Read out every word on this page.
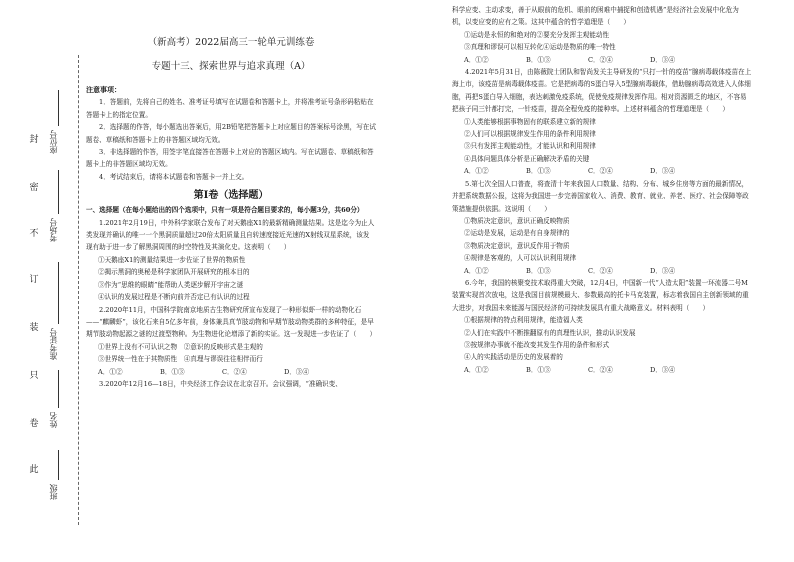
封
密
不
订
装
只
卷
此
座位号
考场号
准考证号
姓名
班级
（新高考）2022届高三一轮单元训练卷
专题十三、探索世界与追求真理（A）
注意事项：

1．答题前，先将自己的姓名、准考证号填写在试题卷和答题卡上，并将准考证号条形码粘贴在答题卡上的指定位置。

2．选择题的作答，每小题选出答案后，用2B铅笔把答题卡上对应题目的答案标号涂黑，写在试题卷、草稿纸和答题卡上的非答题区域均无效。

3．非选择题的作答，用签字笔直接答在答题卡上对应的答题区域内。写在试题卷、草稿纸和答题卡上的非答题区域均无效。

4．考试结束后，请将本试题卷和答题卡一并上交。

第Ⅰ卷（选择题）

一、选择题（在每小题给出的四个选项中，只有一项是符合题目要求的，每小题3分，共60分）

1.2021年2月19日，中外科学家联合发布了对天鹅座X1的最新精确测量结果。这是迄今为止人类发现并确认的唯一一个黑洞质量超过20倍太阳质量且自转速度接近光速的X射线双星系统，该发现有助于进一步了解黑洞周围的时空特性及其演化史。这表明（　　）

①天鹅座X1的测量结果进一步佐证了世界的物质性

②揭示黑洞的奥秘是科学家团队开展研究的根本目的

③作为“思维的眼睛”能帮助人类逐步解开宇宙之谜

④认识的发展过程是不断向前并否定已有认识的过程

2.2020年11月，中国科学院南京地质古生物研究所宣布发现了一种形似虾一样的动物化石——“麒麟虾”，该化石来自5亿多年前，身体兼具真节肢动物和早期节肢动物类群的多种特征，是早期节肢动物起源之谜的过渡型物种。为生物进化论增添了新的实证。这一发现进一步佐证了（　　）

①世界上没有不可认识之物　②意识的反映形式是主观的

③世界统一性在于其物质性　④真理与谬误往往相伴而行

A．①②	B．①③	C．②④	D．③④

3.2020年12月16—18日，中央经济工作会议在北京召开。会议强调，“准确识变、

科学应变、主动求变，善于从眼前的危机、眼前的困难中捕捉和创造机遇”是经济社会发展中化危为机，以变应变的应有之策。这其中蕴含的哲学道理是（　　）

①运动是永恒的和绝对的②要充分发挥主观能动性

③真理和谬误可以相互转化④运动是物质的唯一特性

A．①②	B．①③	C．②④	D．③④

4.2021年5月31日，由陈薇院士团队和智尚发关主导研发的“只打一针的疫苗”腺病毒载体疫苗在上海上市，该疫苗是病毒载体疫苗。它是把病毒的S蛋白导入5型腺病毒载体，借助腺病毒高效进入人体细胞，再把S蛋白导入细胞，表达刺激免疫系统，促使免疫规律发挥作用。相对资源匮乏的地区，不容易把孩子同三针都打完，一针疫苗，提高全程免疫的接种率。上述材料蕴含的哲理道理是（　　）

①人类能够根据事物固有的联系建立新的规律

②人们可以根据规律发生作用的条件利用规律

③只有发挥主观能动性，才能认识和利用规律

④具体问题具体分析是正确解决矛盾的关键

A．①②	B．①③	C．②④	D．③④

5.第七次全国人口普查，将查清十年来我国人口数量、结构、分布、城乡住房等方面的最新情况，并把系统数据公报，这将为我国进一步完善国家收入、消费、教育、就业、养老、医疗、社会保障等政策措施提供依据。这说明（　　）

①物质决定意识，意识正确反映物质

②运动是发展，运动是有自身规律的

③物质决定意识，意识反作用于物质

④规律是客观的，人可以认识利用规律

A．①②	B．①③	C．②④	D．③④

6.今年，我国的核聚变技术取得重大突破，12月4日，中国新一代“人造太阳”装置一环流器二号M装置实现首次放电，这是我国目前规模最大、参数最高的托卡马克装置，标志着我国自主创新领域的重大进步，对我国未来能源与国民经济的可持续发展具有重大战略意义。材料表明（　　）

①根据规律的特点利用规律，能造福人类

②人们在实践中不断推翻原有的真理性认识，推动认识发展

③按规律办事就不能改变其发生作用的条件和形式

④人的实践活动是历史的发展着的

A．①②	B．①③	C．②④	D．③④
